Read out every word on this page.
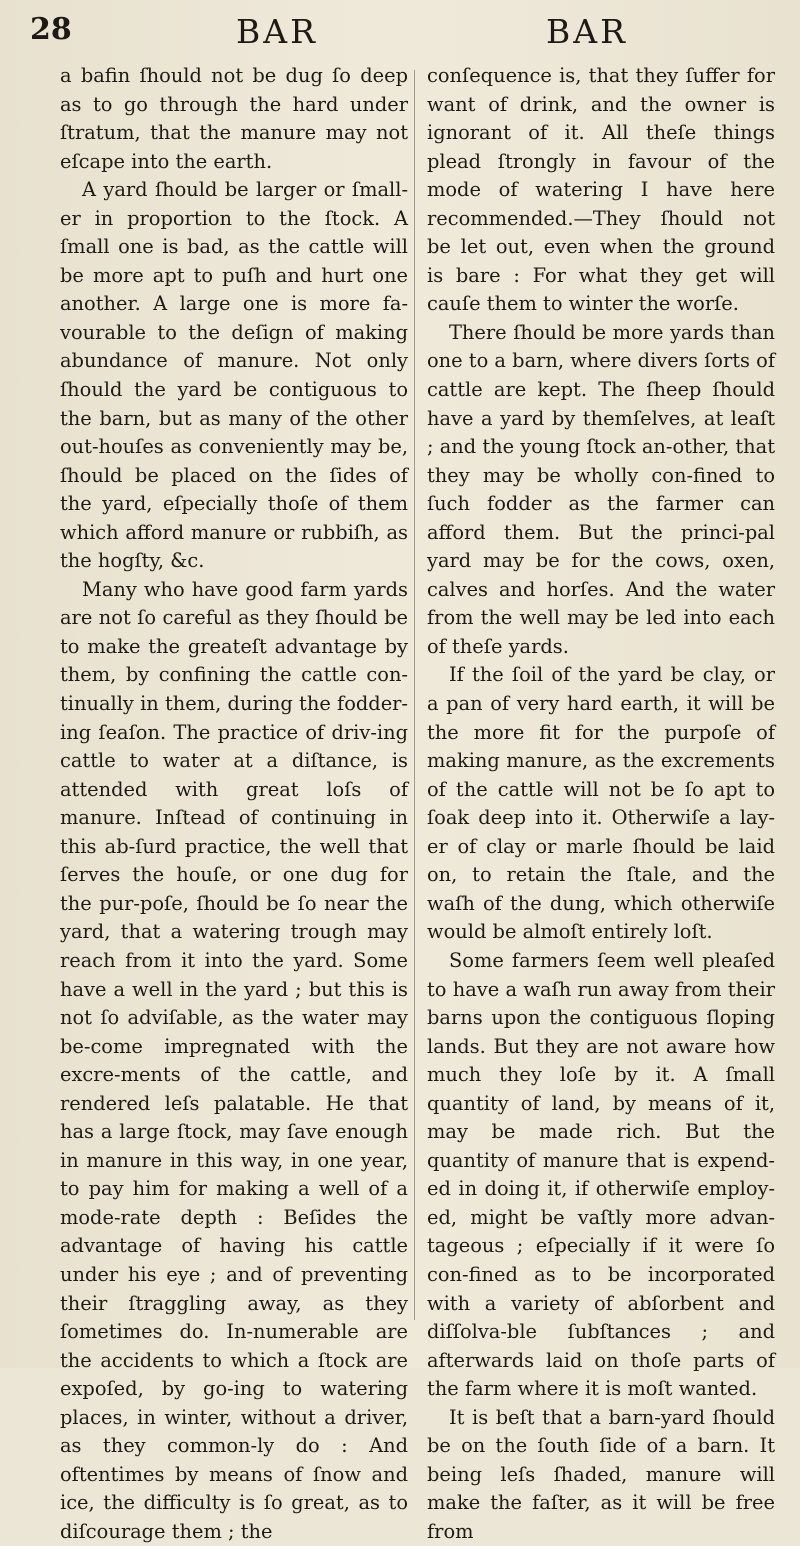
28	BAR	BAR

a bafin ſhould not be dug ſo deep as to go through the hard under ſtratum, that the manure may not eſcape into the earth.

A yard ſhould be larger or ſmall-er in proportion to the ſtock. A ſmall one is bad, as the cattle will be more apt to puſh and hurt one another. A large one is more fa-vourable to the deſign of making abundance of manure. Not only ſhould the yard be contiguous to the barn, but as many of the other out-houſes as conveniently may be, ſhould be placed on the ſides of the yard, eſpecially thoſe of them which afford manure or rubbiſh, as the hogſty, &c.

Many who have good farm yards are not ſo careful as they ſhould be to make the greateſt advantage by them, by confining the cattle con-tinually in them, during the fodder-ing ſeaſon. The practice of driv-ing cattle to water at a diſtance, is attended with great loſs of manure. Inſtead of continuing in this ab-ſurd practice, the well that ſerves the houſe, or one dug for the pur-poſe, ſhould be ſo near the yard, that a watering trough may reach from it into the yard. Some have a well in the yard ; but this is not ſo adviſable, as the water may be-come impregnated with the excre-ments of the cattle, and rendered leſs palatable. He that has a large ſtock, may ſave enough in manure in this way, in one year, to pay him for making a well of a mode-rate depth : Beſides the advantage of having his cattle under his eye ; and of preventing their ſtraggling away, as they ſometimes do. In-numerable are the accidents to which a ſtock are expoſed, by go-ing to watering places, in winter, without a driver, as they common-ly do : And oftentimes by means of ſnow and ice, the difficulty is ſo great, as to diſcourage them ; the

conſequence is, that they ſuffer for want of drink, and the owner is ignorant of it. All theſe things plead ſtrongly in favour of the mode of watering I have here recommended.—They ſhould not be let out, even when the ground is bare : For what they get will cauſe them to winter the worſe.

There ſhould be more yards than one to a barn, where divers ſorts of cattle are kept. The ſheep ſhould have a yard by themſelves, at leaſt ; and the young ſtock an-other, that they may be wholly con-fined to ſuch fodder as the farmer can afford them. But the princi-pal yard may be for the cows, oxen, calves and horſes. And the water from the well may be led into each of theſe yards.

If the ſoil of the yard be clay, or a pan of very hard earth, it will be the more fit for the purpoſe of making manure, as the excrements of the cattle will not be ſo apt to ſoak deep into it. Otherwiſe a lay-er of clay or marle ſhould be laid on, to retain the ſtale, and the waſh of the dung, which otherwiſe would be almoſt entirely loſt.

Some farmers ſeem well pleaſed to have a waſh run away from their barns upon the contiguous ſloping lands. But they are not aware how much they loſe by it. A ſmall quantity of land, by means of it, may be made rich. But the quantity of manure that is expend-ed in doing it, if otherwiſe employ-ed, might be vaſtly more advan-tageous ; eſpecially if it were ſo con-fined as to be incorporated with a variety of abſorbent and diſſolva-ble ſubſtances ; and afterwards laid on thoſe parts of the farm where it is moſt wanted.

It is beſt that a barn-yard ſhould be on the ſouth ſide of a barn. It being leſs ſhaded, manure will make the faſter, as it will be free from
